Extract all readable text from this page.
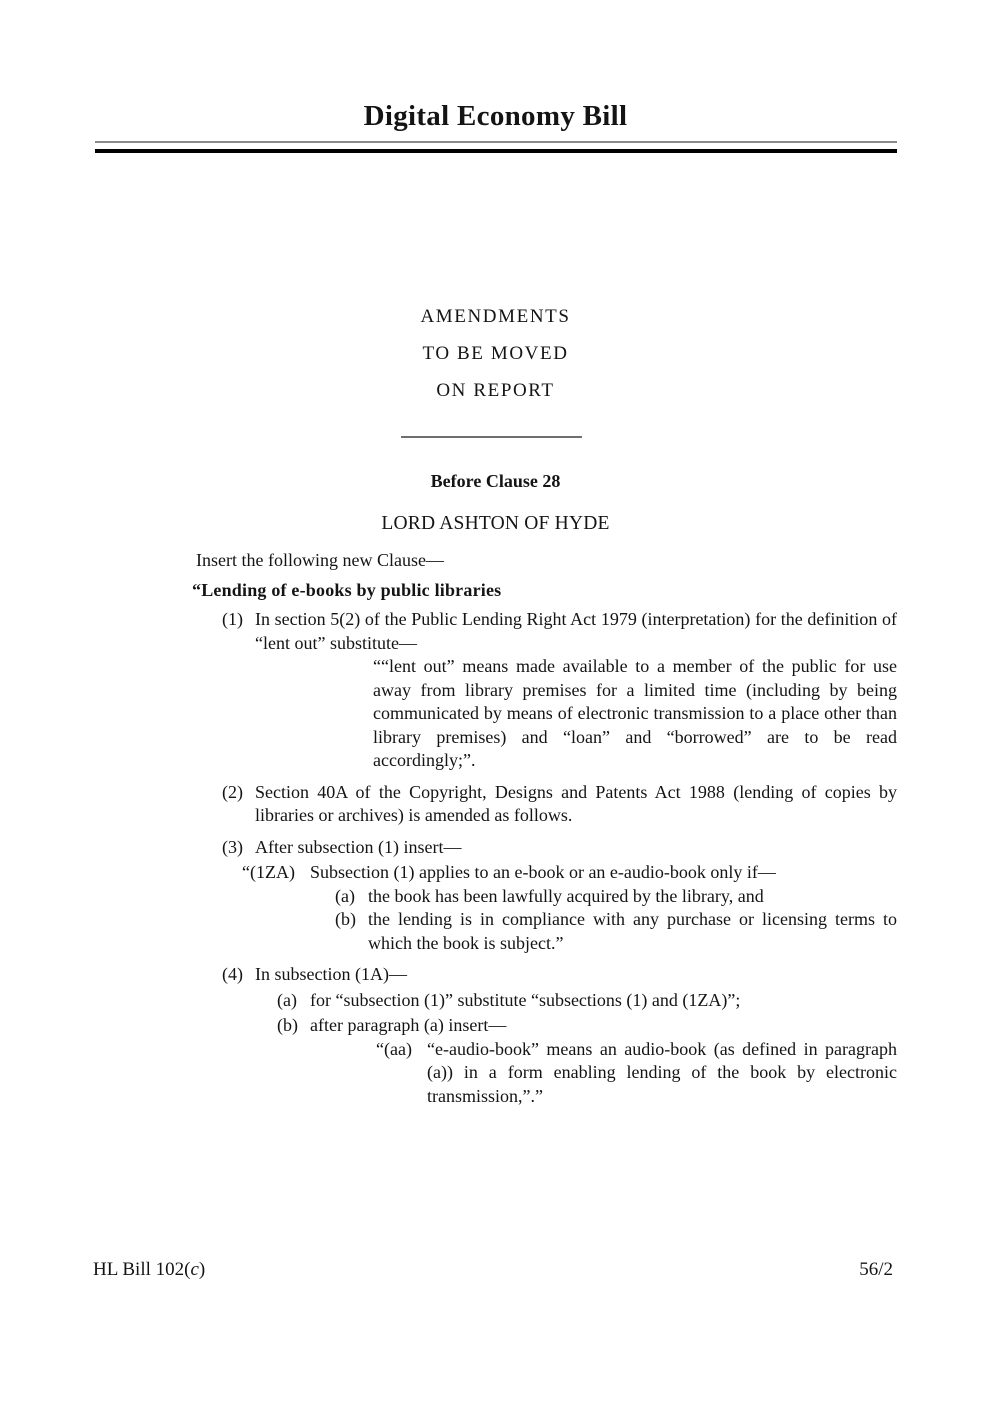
Digital Economy Bill
AMENDMENTS
TO BE MOVED
ON REPORT
Before Clause 28
LORD ASHTON OF HYDE

Insert the following new Clause—

“Lending of e-books by public libraries

(1) In section 5(2) of the Public Lending Right Act 1979 (interpretation) for the definition of “lent out” substitute—
““lent out” means made available to a member of the public for use away from library premises for a limited time (including by being communicated by means of electronic transmission to a place other than library premises) and “loan” and “borrowed” are to be read accordingly;”.
(2) Section 40A of the Copyright, Designs and Patents Act 1988 (lending of copies by libraries or archives) is amended as follows.
(3) After subsection (1) insert—
“(1ZA) Subsection (1) applies to an e-book or an e-audio-book only if—
(a) the book has been lawfully acquired by the library, and
(b) the lending is in compliance with any purchase or licensing terms to which the book is subject.”
(4) In subsection (1A)—
(a) for “subsection (1)” substitute “subsections (1) and (1ZA)”;
(b) after paragraph (a) insert—
“(aa) “e-audio-book” means an audio-book (as defined in paragraph (a)) in a form enabling lending of the book by electronic transmission,”.”
HL Bill 102(c)	56/2
